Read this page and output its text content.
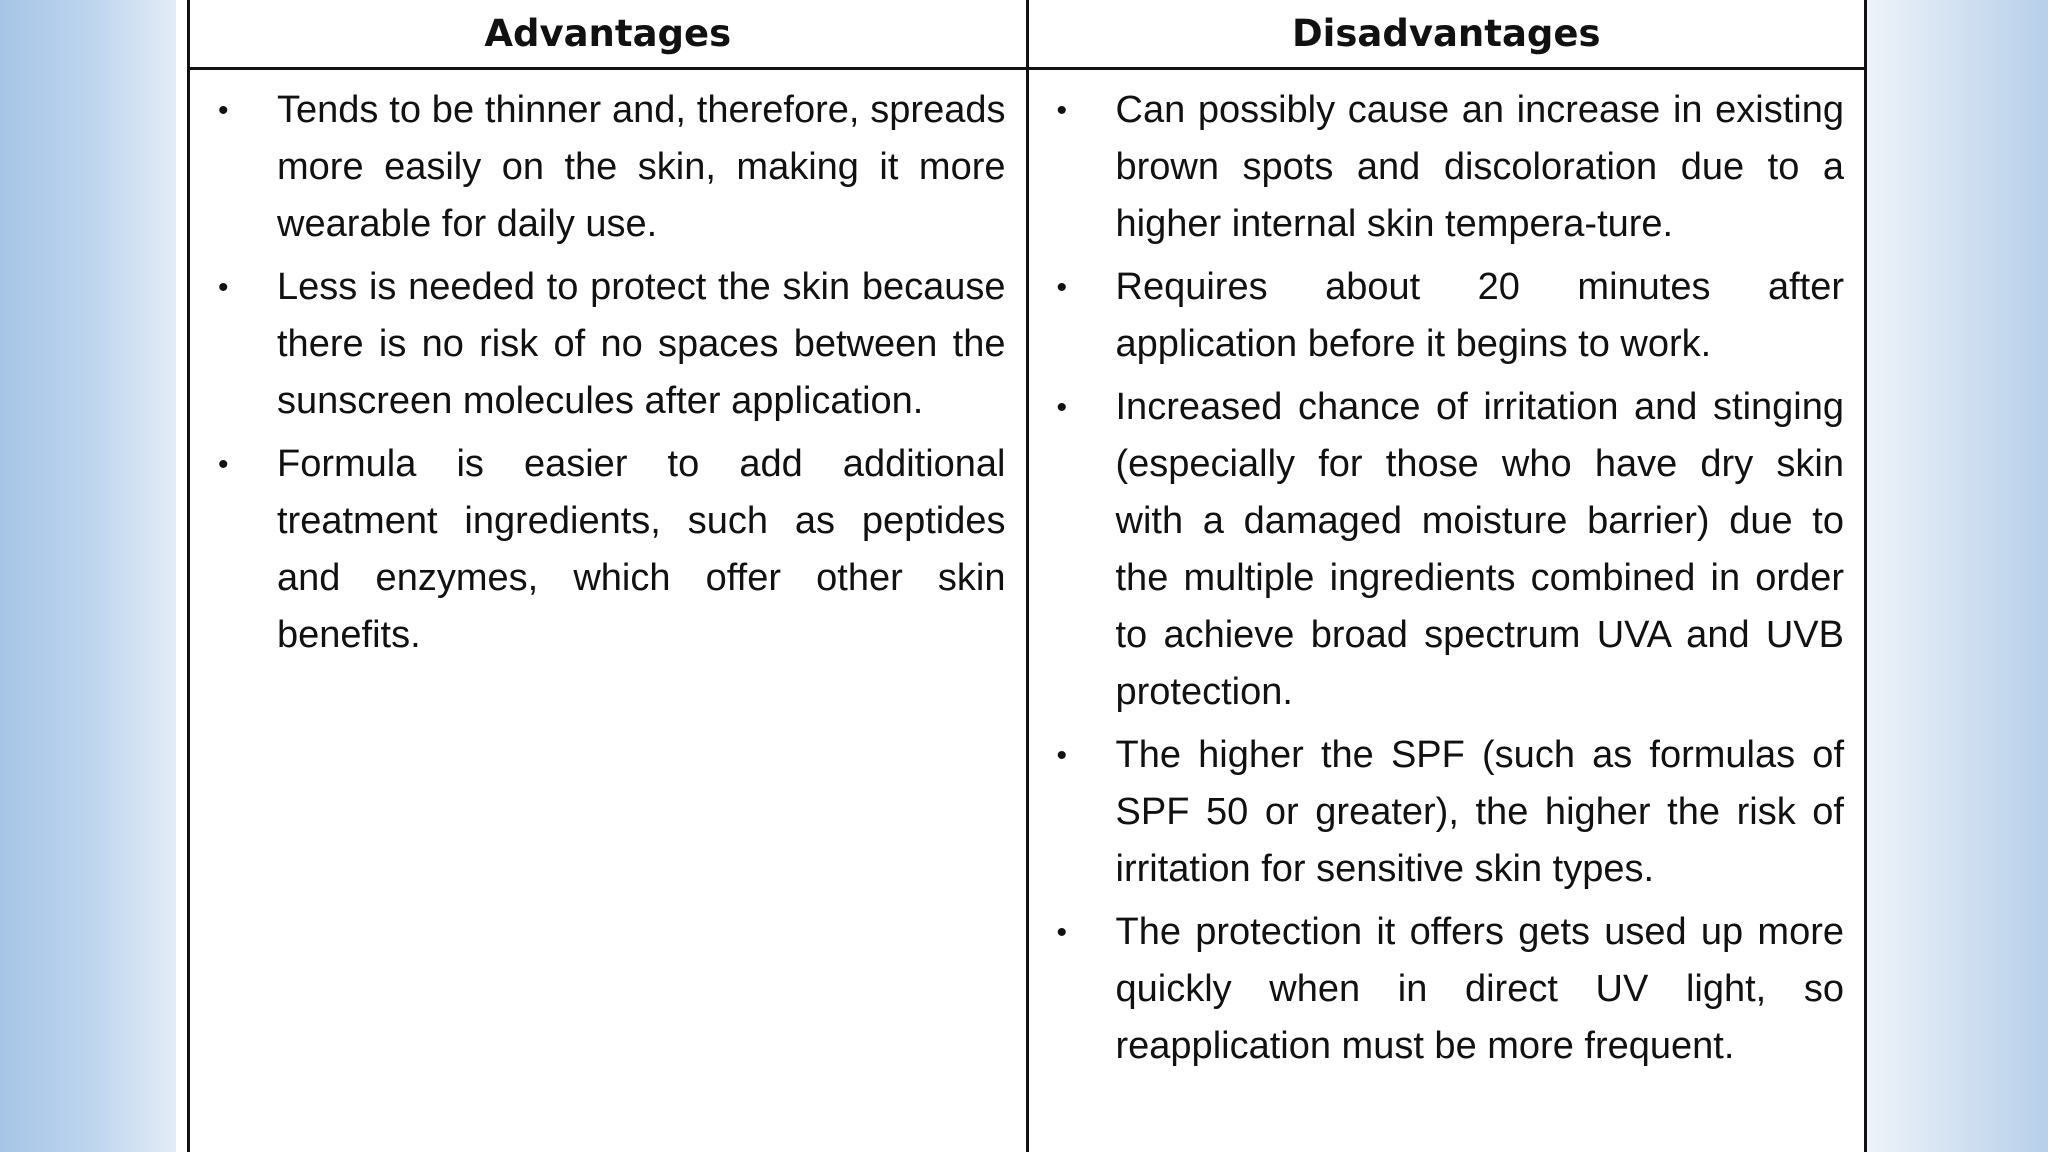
Advantages	Disadvantages
• Tends to be thinner and, therefore, spreads more easily on the skin, making it more wearable for daily use.
• Less is needed to protect the skin because there is no risk of no spaces between the sunscreen molecules after application.
• Formula is easier to add additional treatment ingredients, such as peptides and enzymes, which offer other skin benefits.
• Can possibly cause an increase in existing brown spots and discoloration due to a higher internal skin tempera-ture.
• Requires about 20 minutes after application before it begins to work.
• Increased chance of irritation and stinging (especially for those who have dry skin with a damaged moisture barrier) due to the multiple ingredients combined in order to achieve broad spectrum UVA and UVB protection.
• The higher the SPF (such as formulas of SPF 50 or greater), the higher the risk of irritation for sensitive skin types.
• The protection it offers gets used up more quickly when in direct UV light, so reapplication must be more frequent.
